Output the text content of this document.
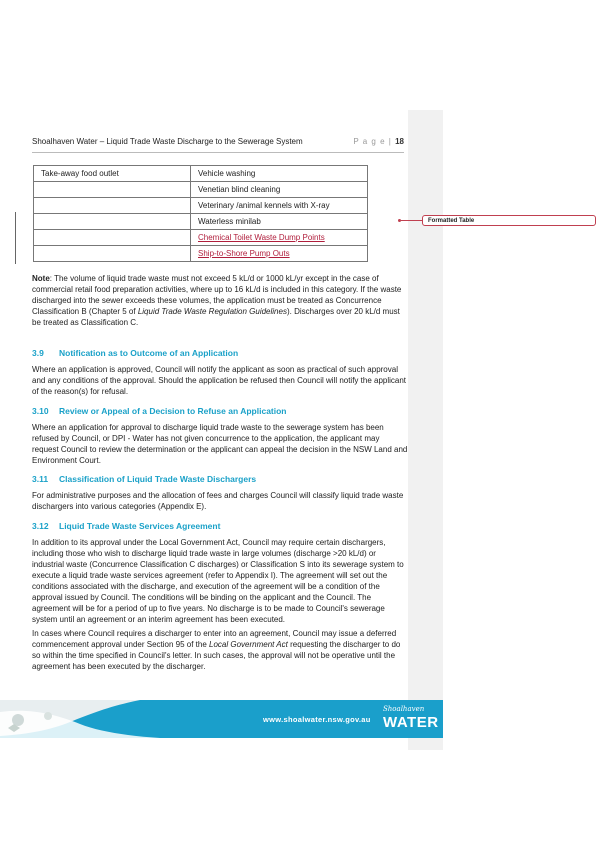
Shoalhaven Water – Liquid Trade Waste Discharge to the Sewerage System	P a g e | 18
Take-away food outlet	Vehicle washing
	Venetian blind cleaning
	Veterinary /animal kennels with X-ray
	Waterless minilab
	Chemical Toilet Waste Dump Points
	Ship-to-Shore Pump Outs
Formatted Table
Note: The volume of liquid trade waste must not exceed 5 kL/d or 1000 kL/yr except in the case of commercial retail food preparation activities, where up to 16 kL/d is included in this category. If the waste discharged into the sewer exceeds these volumes, the application must be treated as Concurrence Classification B (Chapter 5 of Liquid Trade Waste Regulation Guidelines). Discharges over 20 kL/d must be treated as Classification C.
3.9 Notification as to Outcome of an Application
Where an application is approved, Council will notify the applicant as soon as practical of such approval and any conditions of the approval. Should the application be refused then Council will notify the applicant of the reason(s) for refusal.
3.10 Review or Appeal of a Decision to Refuse an Application
Where an application for approval to discharge liquid trade waste to the sewerage system has been refused by Council, or DPI - Water has not given concurrence to the application, the applicant may request Council to review the determination or the applicant can appeal the decision in the NSW Land and Environment Court.
3.11 Classification of Liquid Trade Waste Dischargers
For administrative purposes and the allocation of fees and charges Council will classify liquid trade waste dischargers into various categories (Appendix E).
3.12 Liquid Trade Waste Services Agreement
In addition to its approval under the Local Government Act, Council may require certain dischargers, including those who wish to discharge liquid trade waste in large volumes (discharge >20 kL/d) or industrial waste (Concurrence Classification C discharges) or Classification S into its sewerage system to execute a liquid trade waste services agreement (refer to Appendix I). The agreement will set out the conditions associated with the discharge, and execution of the agreement will be a condition of the approval issued by Council. The conditions will be binding on the applicant and the Council. The agreement will be for a period of up to five years. No discharge is to be made to Council's sewerage system until an agreement or an interim agreement has been executed.
In cases where Council requires a discharger to enter into an agreement, Council may issue a deferred commencement approval under Section 95 of the Local Government Act requesting the discharger to do so within the time specified in Council's letter. In such cases, the approval will not be operative until the agreement has been executed by the discharger.
www.shoalwater.nsw.gov.au
Shoalhaven
WATER
